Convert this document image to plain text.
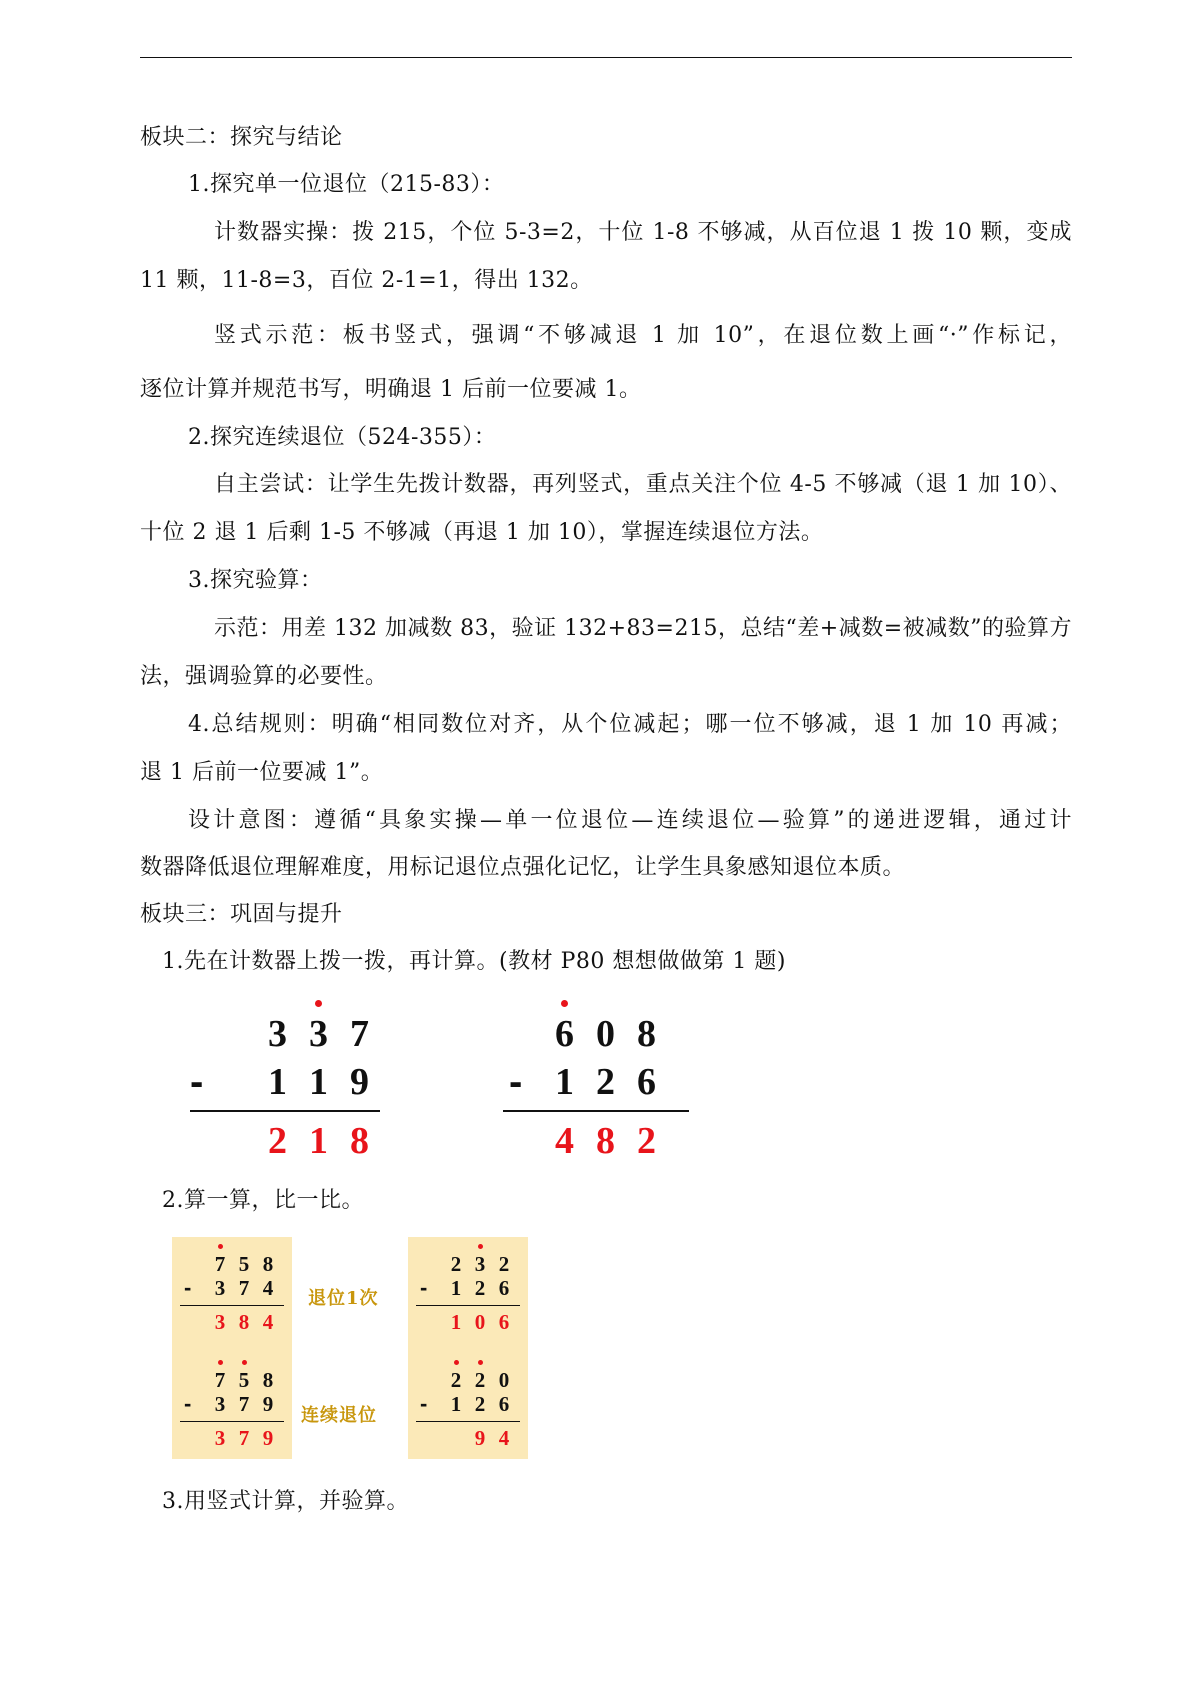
板块二：探究与结论
1.探究单一位退位（215-83）：
计数器实操：拨 215，个位 5-3=2，十位 1-8 不够减，从百位退 1 拨 10 颗，变成
11 颗，11-8=3，百位 2-1=1，得出 132。
竖式示范：板书竖式，强调“不够减退 1 加 10”，在退位数上画“·”作标记，
逐位计算并规范书写，明确退 1 后前一位要减 1。
2.探究连续退位（524-355）：
自主尝试：让学生先拨计数器，再列竖式，重点关注个位 4-5 不够减（退 1 加 10）、
十位 2 退 1 后剩 1-5 不够减（再退 1 加 10），掌握连续退位方法。
3.探究验算：
示范：用差 132 加减数 83，验证 132+83=215，总结“差+减数=被减数”的验算方
法，强调验算的必要性。
4.总结规则：明确“相同数位对齐，从个位减起；哪一位不够减，退 1 加 10 再减；
退 1 后前一位要减 1”。
设计意图：遵循“具象实操—单一位退位—连续退位—验算”的递进逻辑，通过计
数器降低退位理解难度，用标记退位点强化记忆，让学生具象感知退位本质。
板块三：巩固与提升
1.先在计数器上拨一拨，再计算。(教材 P80 想想做做第 1 题)
3 3 7
- 1 1 9
2 1 8
6 0 8
- 1 2 6
4 8 2
2.算一算，比一比。
7 5 8
-	3 7 4
3 8 4
7 5 8
-	3 7 9
3 7 9
2 3 2
-	1 2 6
1 0 6
2 2 0
-	1 2 6
9 4
退位1次
连续退位
3.用竖式计算，并验算。
